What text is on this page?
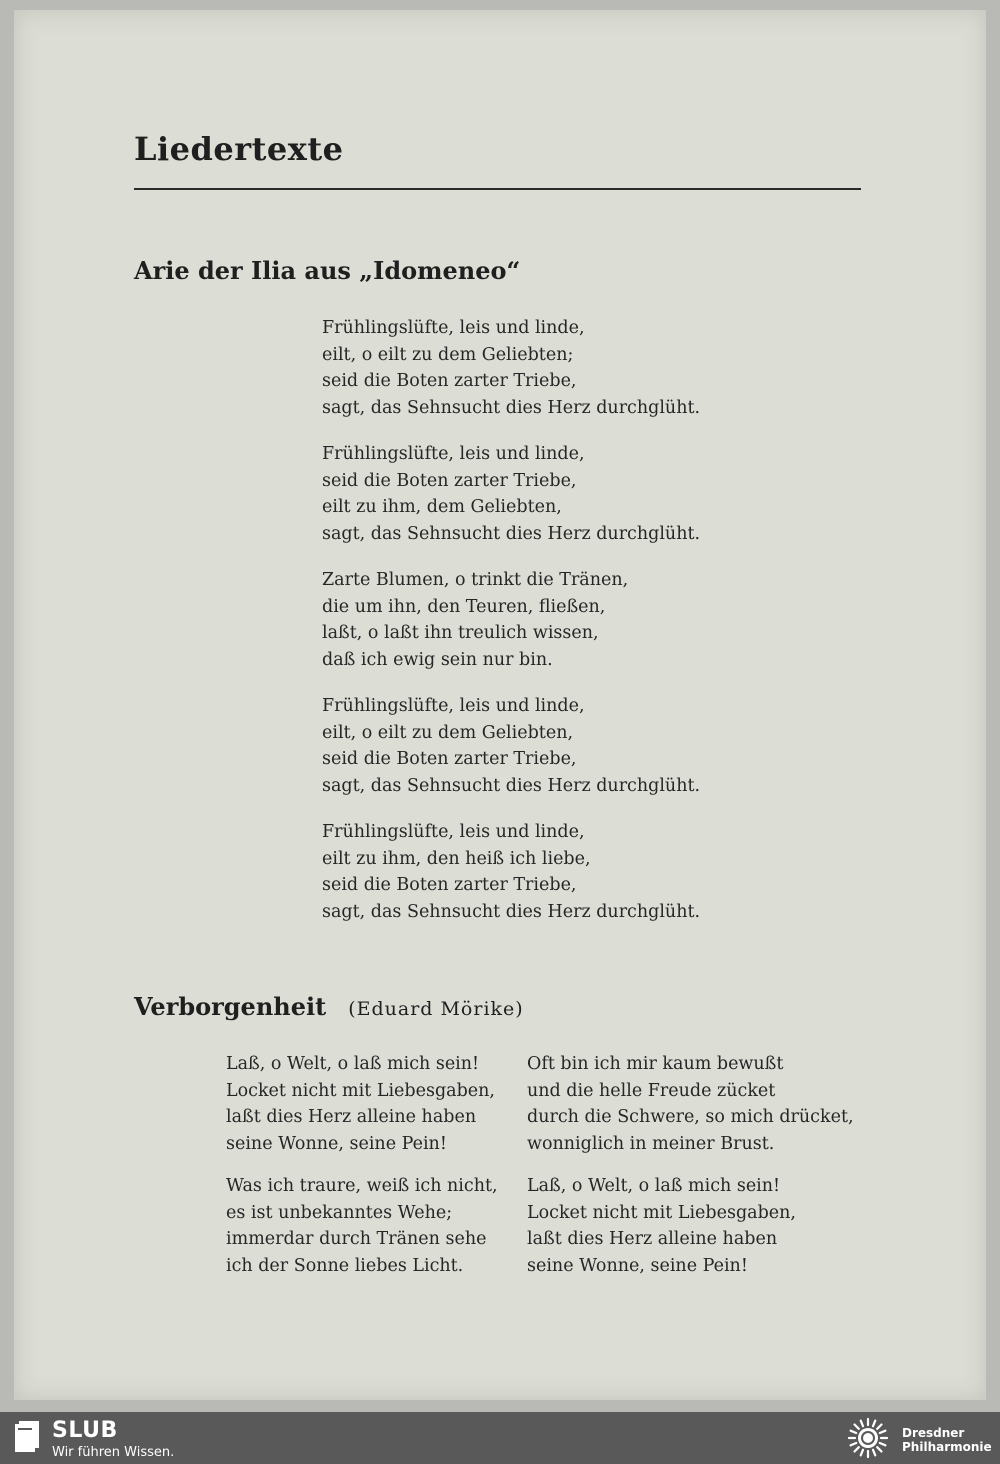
Liedertexte
Arie der Ilia aus „Idomeneo“
Frühlingslüfte, leis und linde,
eilt, o eilt zu dem Geliebten;
seid die Boten zarter Triebe,
sagt, das Sehnsucht dies Herz durchglüht.
Frühlingslüfte, leis und linde,
seid die Boten zarter Triebe,
eilt zu ihm, dem Geliebten,
sagt, das Sehnsucht dies Herz durchglüht.
Zarte Blumen, o trinkt die Tränen,
die um ihn, den Teuren, fließen,
laßt, o laßt ihn treulich wissen,
daß ich ewig sein nur bin.
Frühlingslüfte, leis und linde,
eilt, o eilt zu dem Geliebten,
seid die Boten zarter Triebe,
sagt, das Sehnsucht dies Herz durchglüht.
Frühlingslüfte, leis und linde,
eilt zu ihm, den heiß ich liebe,
seid die Boten zarter Triebe,
sagt, das Sehnsucht dies Herz durchglüht.
Verborgenheit (Eduard Mörike)
Laß, o Welt, o laß mich sein!
Locket nicht mit Liebesgaben,
laßt dies Herz alleine haben
seine Wonne, seine Pein!
Was ich traure, weiß ich nicht,
es ist unbekanntes Wehe;
immerdar durch Tränen sehe
ich der Sonne liebes Licht.
Oft bin ich mir kaum bewußt
und die helle Freude zücket
durch die Schwere, so mich drücket,
wonniglich in meiner Brust.
Laß, o Welt, o laß mich sein!
Locket nicht mit Liebesgaben,
laßt dies Herz alleine haben
seine Wonne, seine Pein!
SLUB
Wir führen Wissen.
Dresdner
Philharmonie
